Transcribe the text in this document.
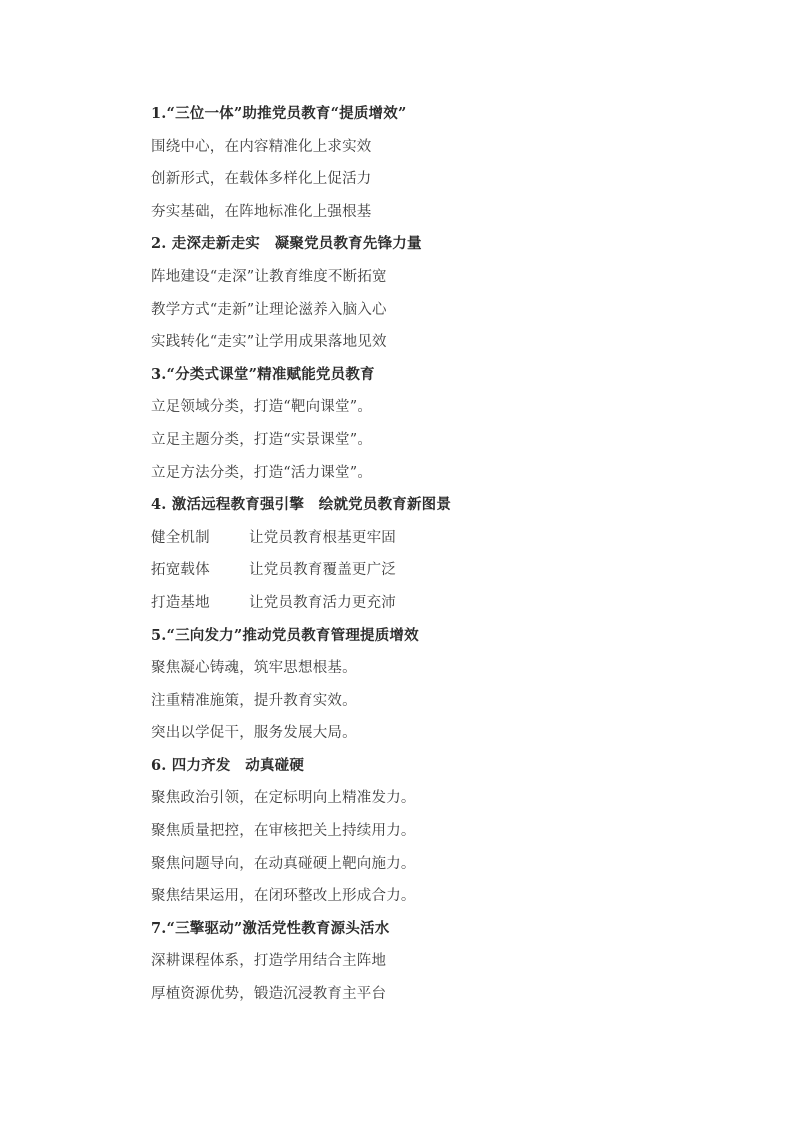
1.“三位一体”助推党员教育“提质增效”
围绕中心，在内容精准化上求实效
创新形式，在载体多样化上促活力
夯实基础，在阵地标准化上强根基
2. 走深走新走实　凝聚党员教育先锋力量
阵地建设“走深”让教育维度不断拓宽
教学方式“走新”让理论滋养入脑入心
实践转化“走实”让学用成果落地见效
3.“分类式课堂”精准赋能党员教育
立足领域分类，打造“靶向课堂”。
立足主题分类，打造“实景课堂”。
立足方法分类，打造“活力课堂”。
4. 激活远程教育强引擎　绘就党员教育新图景
健全机制	让党员教育根基更牢固
拓宽载体	让党员教育覆盖更广泛
打造基地	让党员教育活力更充沛
5.“三向发力”推动党员教育管理提质增效
聚焦凝心铸魂，筑牢思想根基。
注重精准施策，提升教育实效。
突出以学促干，服务发展大局。
6. 四力齐发　动真碰硬
聚焦政治引领，在定标明向上精准发力。
聚焦质量把控，在审核把关上持续用力。
聚焦问题导向，在动真碰硬上靶向施力。
聚焦结果运用，在闭环整改上形成合力。
7.“三擎驱动”激活党性教育源头活水
深耕课程体系，打造学用结合主阵地
厚植资源优势，锻造沉浸教育主平台
